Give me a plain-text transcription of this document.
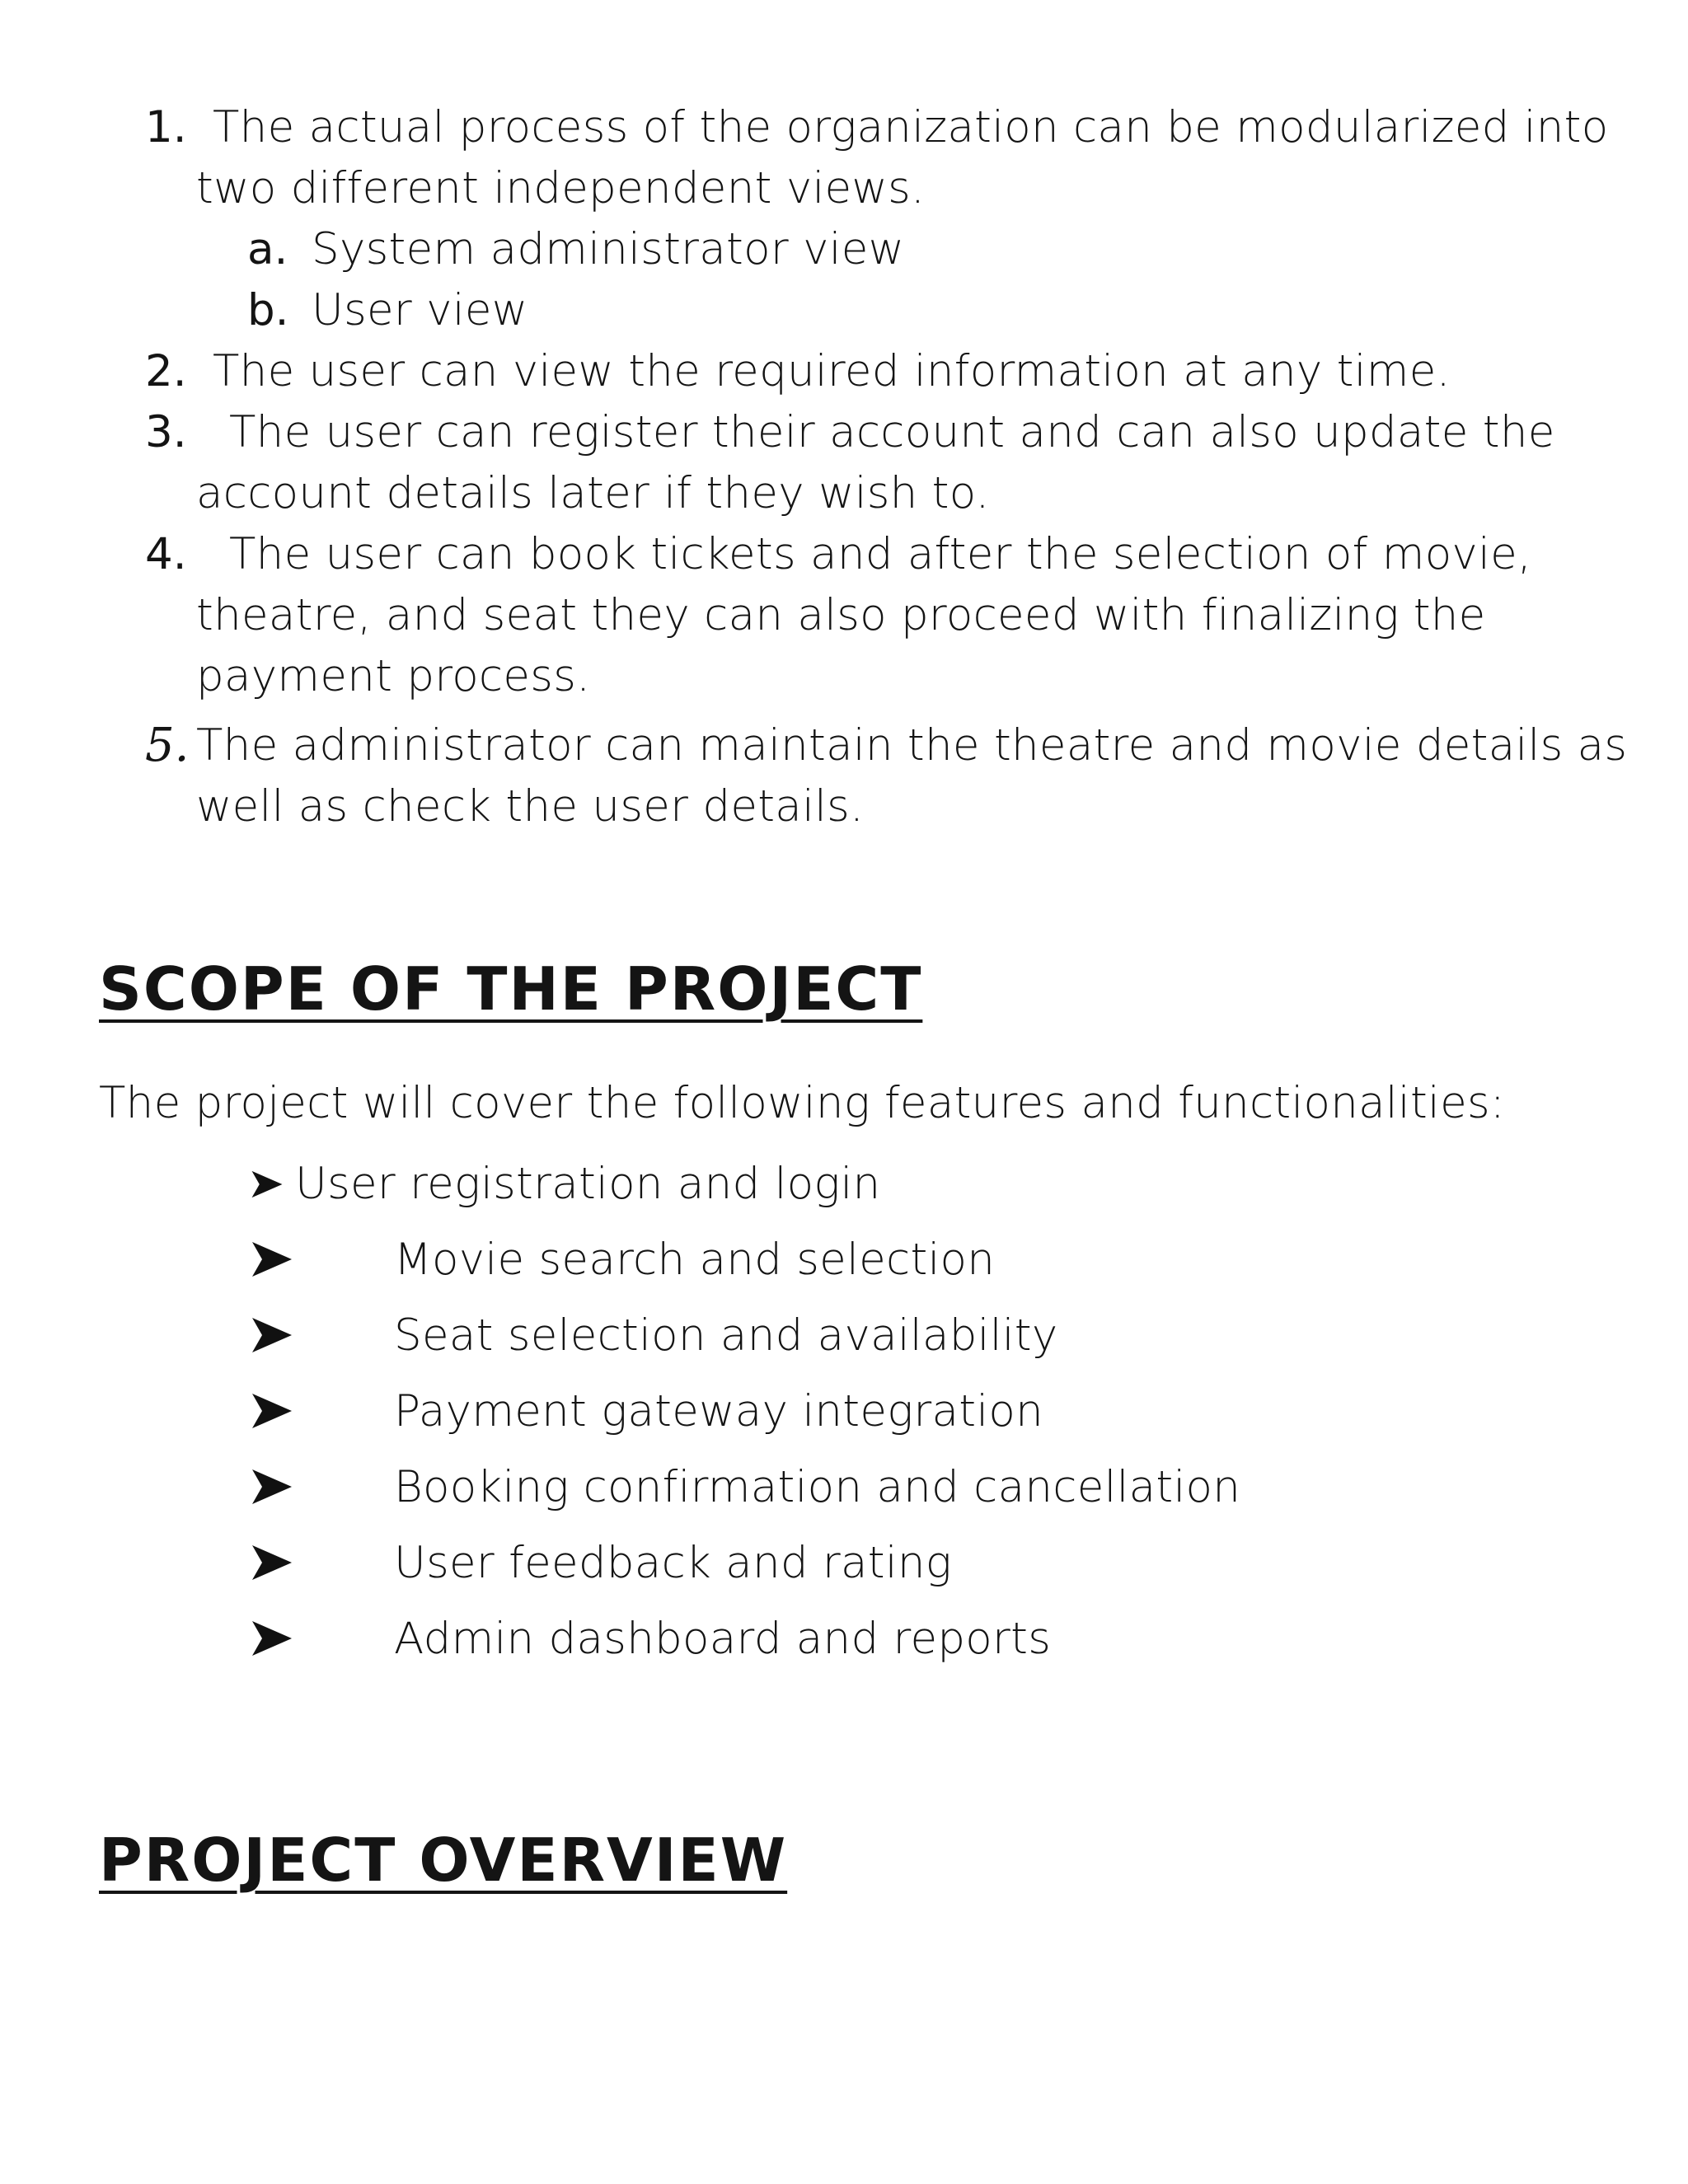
1. The actual process of the organization can be modularized into
two different independent views.
a. System administrator view
b. User view
2. The user can view the required information at any time.
3. The user can register their account and can also update the
account details later if they wish to.
4. The user can book tickets and after the selection of movie,
theatre, and seat they can also proceed with finalizing the
payment process.
5. The administrator can maintain the theatre and movie details as
well as check the user details.
SCOPE OF THE PROJECT
The project will cover the following features and functionalities:
User registration and login
Movie search and selection
Seat selection and availability
Payment gateway integration
Booking confirmation and cancellation
User feedback and rating
Admin dashboard and reports
PROJECT OVERVIEW
